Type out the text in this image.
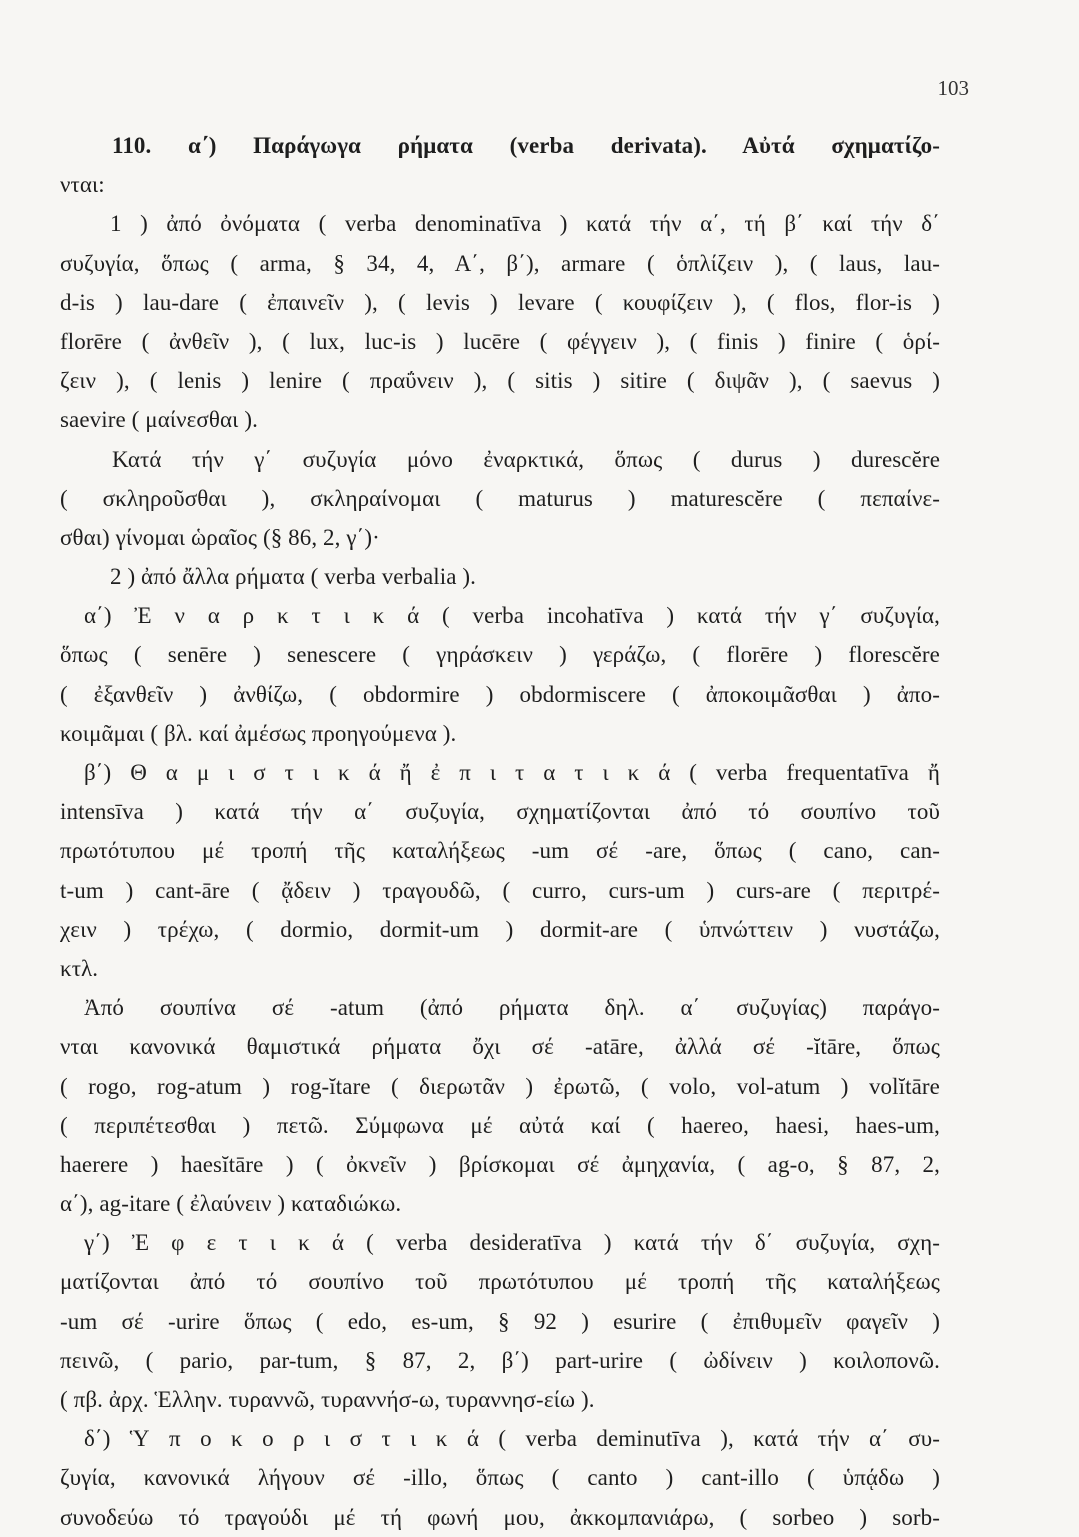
103
110. α΄) Παράγωγα ρήματα (verba derivata). Αὐτά σχηματίζο-
νται:
1 ) ἀπό ὀνόματα ( verba denominatīva ) κατά τήν α΄, τή β΄ καί τήν δ΄
συζυγία, ὅπως ( arma, § 34, 4, A΄, β΄), armare ( ὁπλίζειν ), ( laus, lau-
d-is ) lau-dare ( ἐπαινεῖν ), ( levis ) levare ( κουφίζειν ), ( flos, flor-is )
florēre ( ἀνθεῖν ), ( lux, luc-is ) lucēre ( φέγγειν ), ( finis ) finire ( ὁρί-
ζειν ), ( lenis ) lenire ( πραΰνειν ), ( sitis ) sitire ( διψᾶν ), ( saevus )
saevire ( μαίνεσθαι ).
Κατά τήν γ΄ συζυγία μόνο ἐναρκτικά, ὅπως ( durus ) durescĕre
( σκληροῦσθαι ), σκληραίνομαι ( maturus ) maturescĕre ( πεπαίνε-
σθαι) γίνομαι ὡραῖος (§ 86, 2, γ΄)·
2 ) ἀπό ἄλλα ρήματα ( verba verbalia ).
α΄) Ἐ ν α ρ κ τ ι κ ά ( verba incohatīva ) κατά τήν γ΄ συζυγία,
ὅπως ( senēre ) senescere ( γηράσκειν ) γεράζω, ( florēre ) florescĕre
( ἐξανθεῖν ) ἀνθίζω, ( obdormire ) obdormiscere ( ἀποκοιμᾶσθαι ) ἀπο-
κοιμᾶμαι ( βλ. καί ἀμέσως προηγούμενα ).
β΄) Θ α μ ι σ τ ι κ ά ἤ ἐ π ι τ α τ ι κ ά ( verba frequentatīva ἤ
intensīva ) κατά τήν α΄ συζυγία, σχηματίζονται ἀπό τό σουπίνο τοῦ
πρωτότυπου μέ τροπή τῆς καταλήξεως -um σέ -are, ὅπως ( cano, can-
t-um ) cant-āre ( ᾄδειν ) τραγουδῶ, ( curro, curs-um ) curs-are ( περιτρέ-
χειν ) τρέχω, ( dormio, dormit-um ) dormit-are ( ὑπνώττειν ) νυστάζω,
κτλ.
Ἀπό σουπίνα σέ -atum (ἀπό ρήματα δηλ. α΄ συζυγίας) παράγο-
νται κανονικά θαμιστικά ρήματα ὄχι σέ -atāre, ἀλλά σέ -ĭtāre, ὅπως
( rogo, rog-atum ) rog-ĭtare ( διερωτᾶν ) ἐρωτῶ, ( volo, vol-atum ) volĭtāre
( περιπέτεσθαι ) πετῶ. Σύμφωνα μέ αὐτά καί ( haereo, haesi, haes-um,
haerere ) haesĭtāre ) ( ὀκνεῖν ) βρίσκομαι σέ ἀμηχανία, ( ag-o, § 87, 2,
α΄), ag-itare ( ἐλαύνειν ) καταδιώκω.
γ΄) Ἐ φ ε τ ι κ ά ( verba desideratīva ) κατά τήν δ΄ συζυγία, σχη-
ματίζονται ἀπό τό σουπίνο τοῦ πρωτότυπου μέ τροπή τῆς καταλήξεως
-um σέ -urire ὅπως ( edo, es-um, § 92 ) esurire ( ἐπιθυμεῖν φαγεῖν )
πεινῶ, ( pario, par-tum, § 87, 2, β΄) part-urire ( ὠδίνειν ) κοιλοπονῶ.
( πβ. ἀρχ. Ἑλλην. τυραννῶ, τυραννήσ-ω, τυραννησ-είω ).
δ΄) Ὑ π ο κ ο ρ ι σ τ ι κ ά ( verba deminutīva ), κατά τήν α΄ συ-
ζυγία, κανονικά λήγουν σέ -illo, ὅπως ( canto ) cant-illo ( ὑπᾴδω )
συνοδεύω τό τραγούδι μέ τή φωνή μου, ἀκκομπανιάρω, ( sorbeo ) sorb-
